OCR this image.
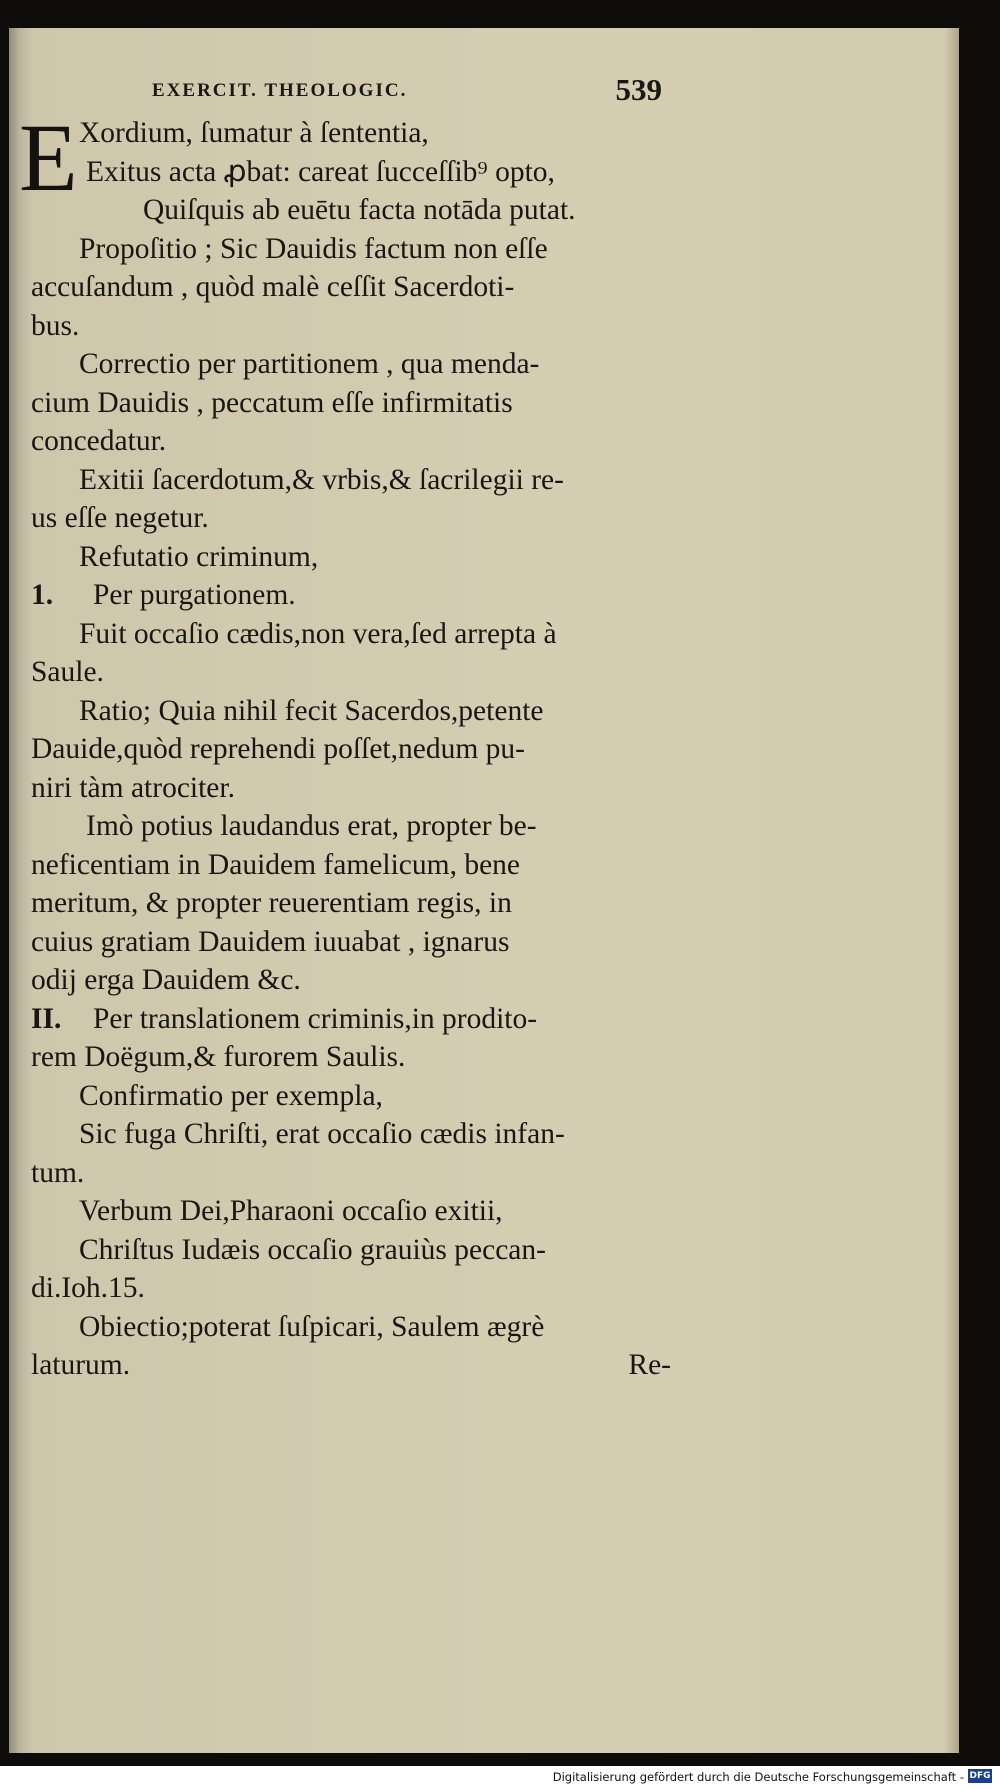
EXERCIT. THEOLOGIC.	539
E Xordium, ſumatur à ſententia,
Exitus acta ꝓbat: careat ſucceſſib⁹ opto,
Quiſquis ab euētu facta notāda putat.
Propoſitio ; Sic Dauidis factum non eſſe
accuſandum , quòd malè ceſſit Sacerdoti-
bus.
Correctio per partitionem , qua menda-
cium Dauidis , peccatum eſſe infirmitatis
concedatur.
Exitii ſacerdotum,& vrbis,& ſacrilegii re-
us eſſe negetur.
Refutatio criminum,
1. Per purgationem.
Fuit occaſio cædis,non vera,ſed arrepta à
Saule.
Ratio; Quia nihil fecit Sacerdos,petente
Dauide,quòd reprehendi poſſet,nedum pu-
niri tàm atrociter.
Imò potius laudandus erat, propter be-
neficentiam in Dauidem famelicum, bene
meritum, & propter reuerentiam regis, in
cuius gratiam Dauidem iuuabat , ignarus
odij erga Dauidem &c.
II. Per translationem criminis,in prodito-
rem Doëgum,& furorem Saulis.
Confirmatio per exempla,
Sic fuga Chriſti, erat occaſio cædis infan-
tum.
Verbum Dei,Pharaoni occaſio exitii,
Chriſtus Iudæis occaſio grauiùs peccan-
di.Ioh.15.
Obiectio;poterat ſuſpicari, Saulem ægrè
laturum.	Re-
Digitalisierung gefördert durch die Deutsche Forschungsgemeinschaft - DFG
